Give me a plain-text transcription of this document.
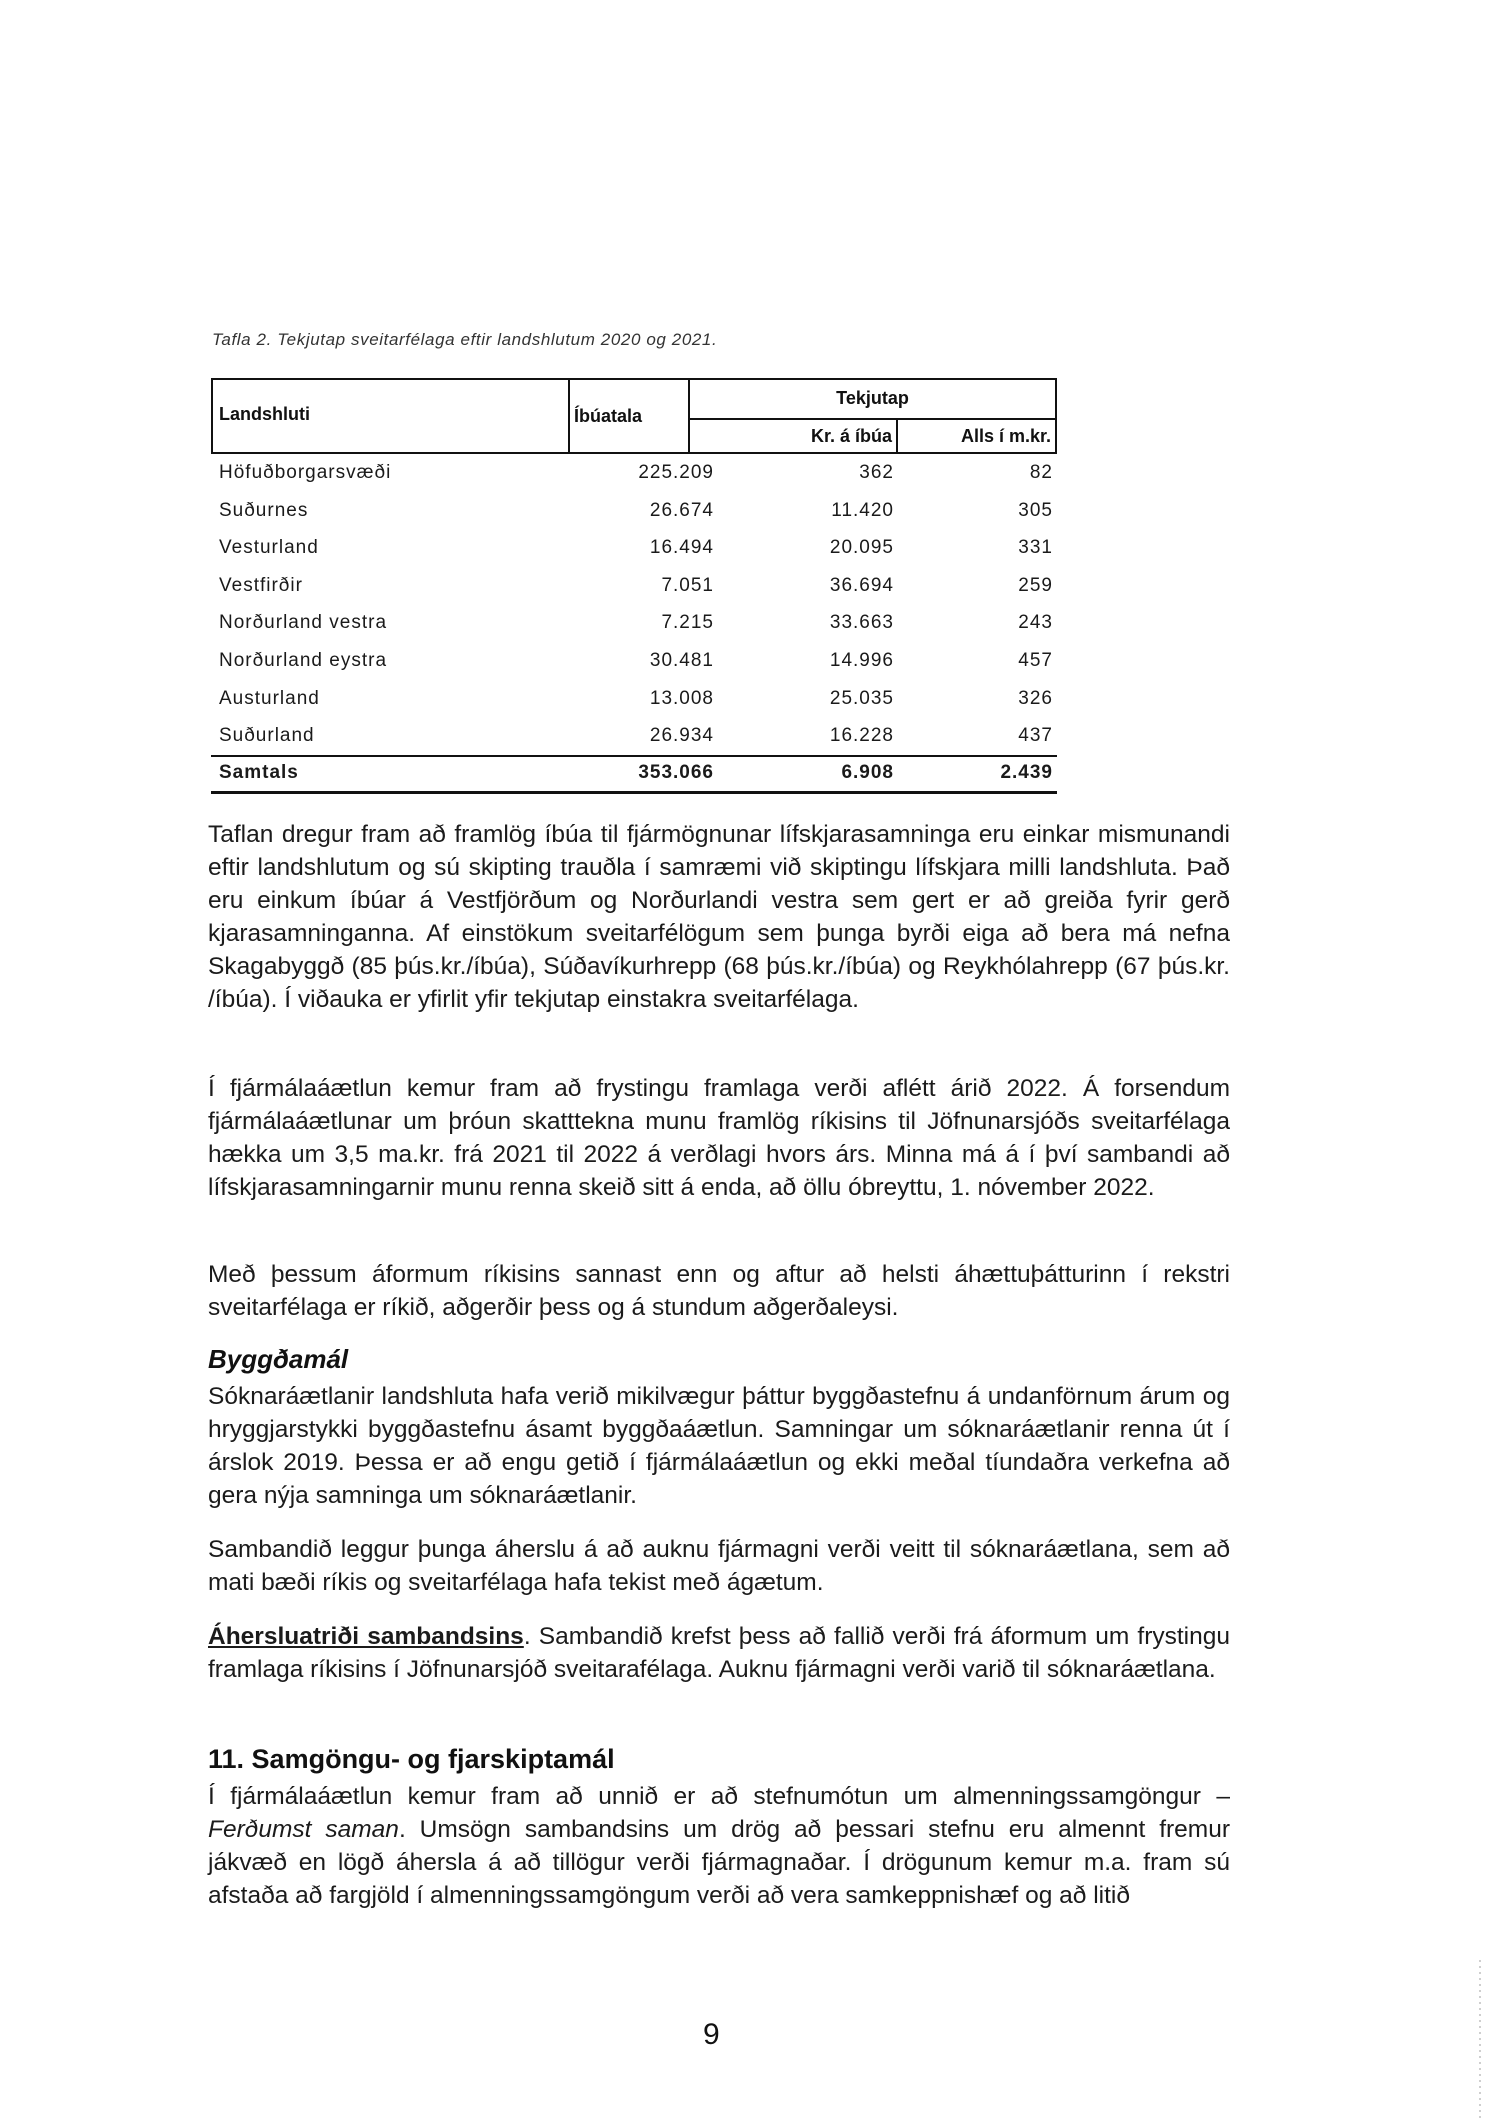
Tafla 2. Tekjutap sveitarfélaga eftir landshlutum 2020 og 2021.
Landshluti	Íbúatala
Tekjutap
Kr. á íbúa	Alls í m.kr.
Höfuðborgarsvæði	225.209	362	82
Suðurnes	26.674	11.420	305
Vesturland	16.494	20.095	331
Vestfirðir	7.051	36.694	259
Norðurland vestra	7.215	33.663	243
Norðurland eystra	30.481	14.996	457
Austurland	13.008	25.035	326
Suðurland	26.934	16.228	437
Samtals	353.066	6.908	2.439

Taflan dregur fram að framlög íbúa til fjármögnunar lífskjarasamninga eru einkar mismunandi eftir landshlutum og sú skipting trauðla í samræmi við skiptingu lífskjara milli landshluta. Það eru einkum íbúar á Vestfjörðum og Norðurlandi vestra sem gert er að greiða fyrir gerð kjarasamninganna. Af einstökum sveitarfélögum sem þunga byrði eiga að bera má nefna Skagabyggð (85 þús.kr./íbúa), Súðavíkurhrepp (68 þús.kr./íbúa) og Reykhólahrepp (67 þús.kr. /íbúa). Í viðauka er yfirlit yfir tekjutap einstakra sveitarfélaga.

Í fjármálaáætlun kemur fram að frystingu framlaga verði aflétt árið 2022. Á forsendum fjármálaáætlunar um þróun skatttekna munu framlög ríkisins til Jöfnunarsjóðs sveitarfélaga hækka um 3,5 ma.kr. frá 2021 til 2022 á verðlagi hvors árs. Minna má á í því sambandi að lífskjarasamningarnir munu renna skeið sitt á enda, að öllu óbreyttu, 1. nóvember 2022.

Með þessum áformum ríkisins sannast enn og aftur að helsti áhættuþátturinn í rekstri sveitarfélaga er ríkið, aðgerðir þess og á stundum aðgerðaleysi.

Byggðamál

Sóknaráætlanir landshluta hafa verið mikilvægur þáttur byggðastefnu á undanförnum árum og hryggjarstykki byggðastefnu ásamt byggðaáætlun. Samningar um sóknaráætlanir renna út í árslok 2019. Þessa er að engu getið í fjármálaáætlun og ekki meðal tíundaðra verkefna að gera nýja samninga um sóknaráætlanir.

Sambandið leggur þunga áherslu á að auknu fjármagni verði veitt til sóknaráætlana, sem að mati bæði ríkis og sveitarfélaga hafa tekist með ágætum.

Áhersluatriði sambandsins. Sambandið krefst þess að fallið verði frá áformum um frystingu framlaga ríkisins í Jöfnunarsjóð sveitarafélaga. Auknu fjármagni verði varið til sóknaráætlana.

11. Samgöngu- og fjarskiptamál

Í fjármálaáætlun kemur fram að unnið er að stefnumótun um almenningssamgöngur – Ferðumst saman. Umsögn sambandsins um drög að þessari stefnu eru almennt fremur jákvæð en lögð áhersla á að tillögur verði fjármagnaðar. Í drögunum kemur m.a. fram sú afstaða að fargjöld í almenningssamgöngum verði að vera samkeppnishæf og að litið

9
